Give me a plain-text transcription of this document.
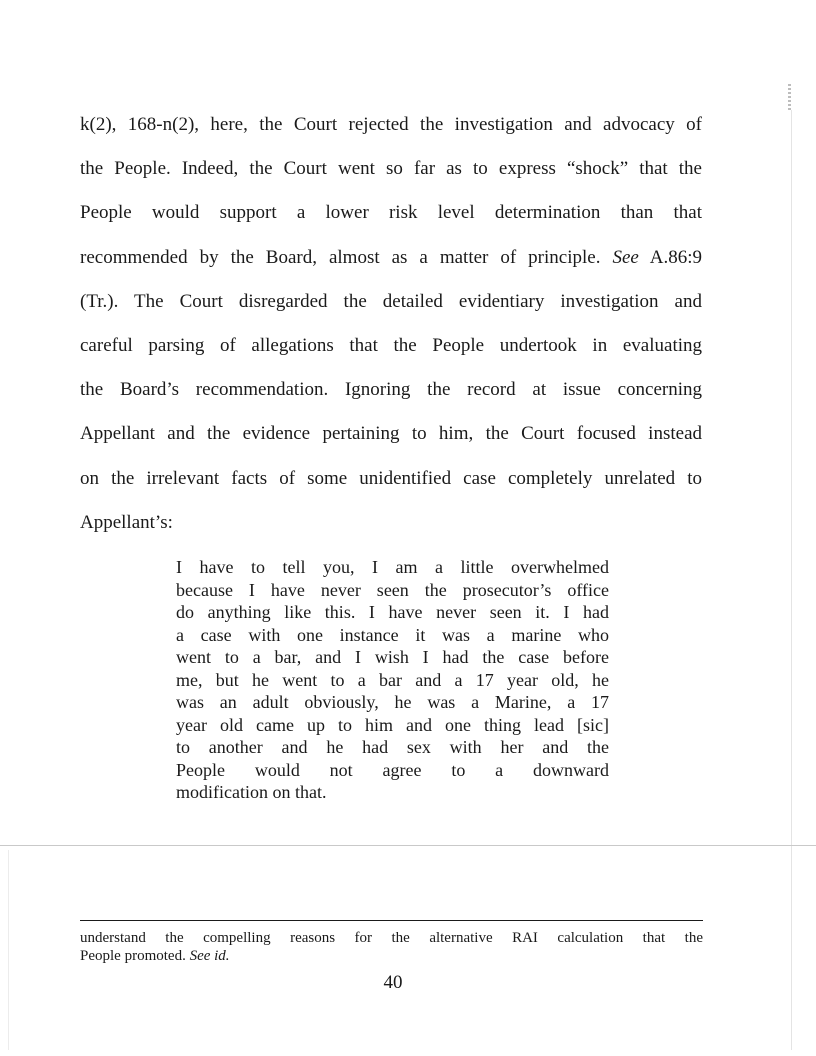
k(2), 168-n(2), here, the Court rejected the investigation and advocacy of
the People. Indeed, the Court went so far as to express “shock” that the
People would support a lower risk level determination than that
recommended by the Board, almost as a matter of principle. See A.86:9
(Tr.). The Court disregarded the detailed evidentiary investigation and
careful parsing of allegations that the People undertook in evaluating
the Board’s recommendation. Ignoring the record at issue concerning
Appellant and the evidence pertaining to him, the Court focused instead
on the irrelevant facts of some unidentified case completely unrelated to
Appellant’s:
I have to tell you, I am a little overwhelmed
because I have never seen the prosecutor’s office
do anything like this. I have never seen it. I had
a case with one instance it was a marine who
went to a bar, and I wish I had the case before
me, but he went to a bar and a 17 year old, he
was an adult obviously, he was a Marine, a 17
year old came up to him and one thing lead [sic]
to another and he had sex with her and the
People would not agree to a downward
modification on that.
understand the compelling reasons for the alternative RAI calculation that the
People promoted. See id.
40
